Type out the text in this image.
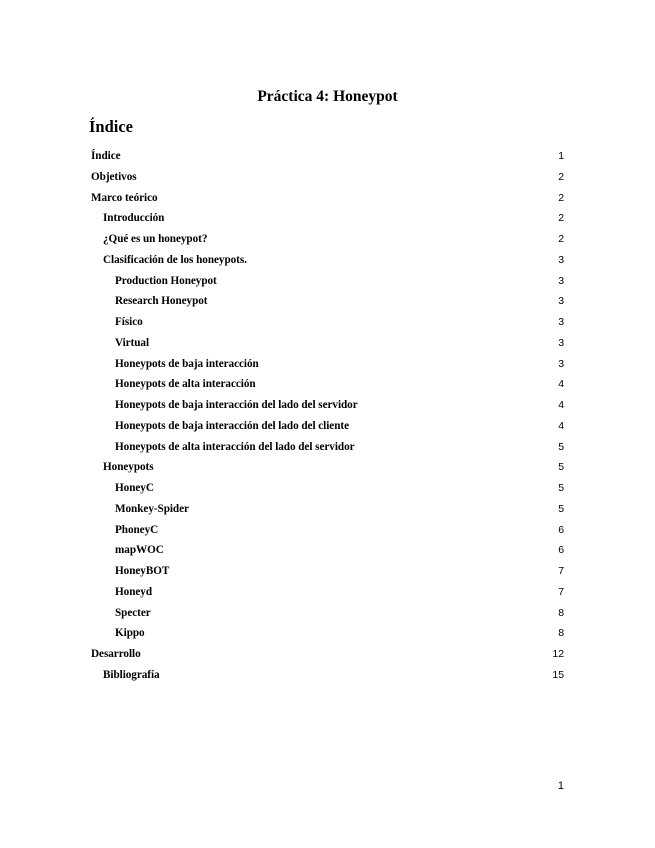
Práctica 4: Honeypot
Índice
Índice	1
Objetivos	2
Marco teórico	2
Introducción	2
¿Qué es un honeypot?	2
Clasificación de los honeypots.	3
Production Honeypot	3
Research Honeypot	3
Físico	3
Virtual	3
Honeypots de baja interacción	3
Honeypots de alta interacción	4
Honeypots de baja interacción del lado del servidor	4
Honeypots de baja interacción del lado del cliente	4
Honeypots de alta interacción del lado del servidor	5
Honeypots	5
HoneyC	5
Monkey-Spider	5
PhoneyC	6
mapWOC	6
HoneyBOT	7
Honeyd	7
Specter	8
Kippo	8
Desarrollo	12
Bibliografía	15
1
